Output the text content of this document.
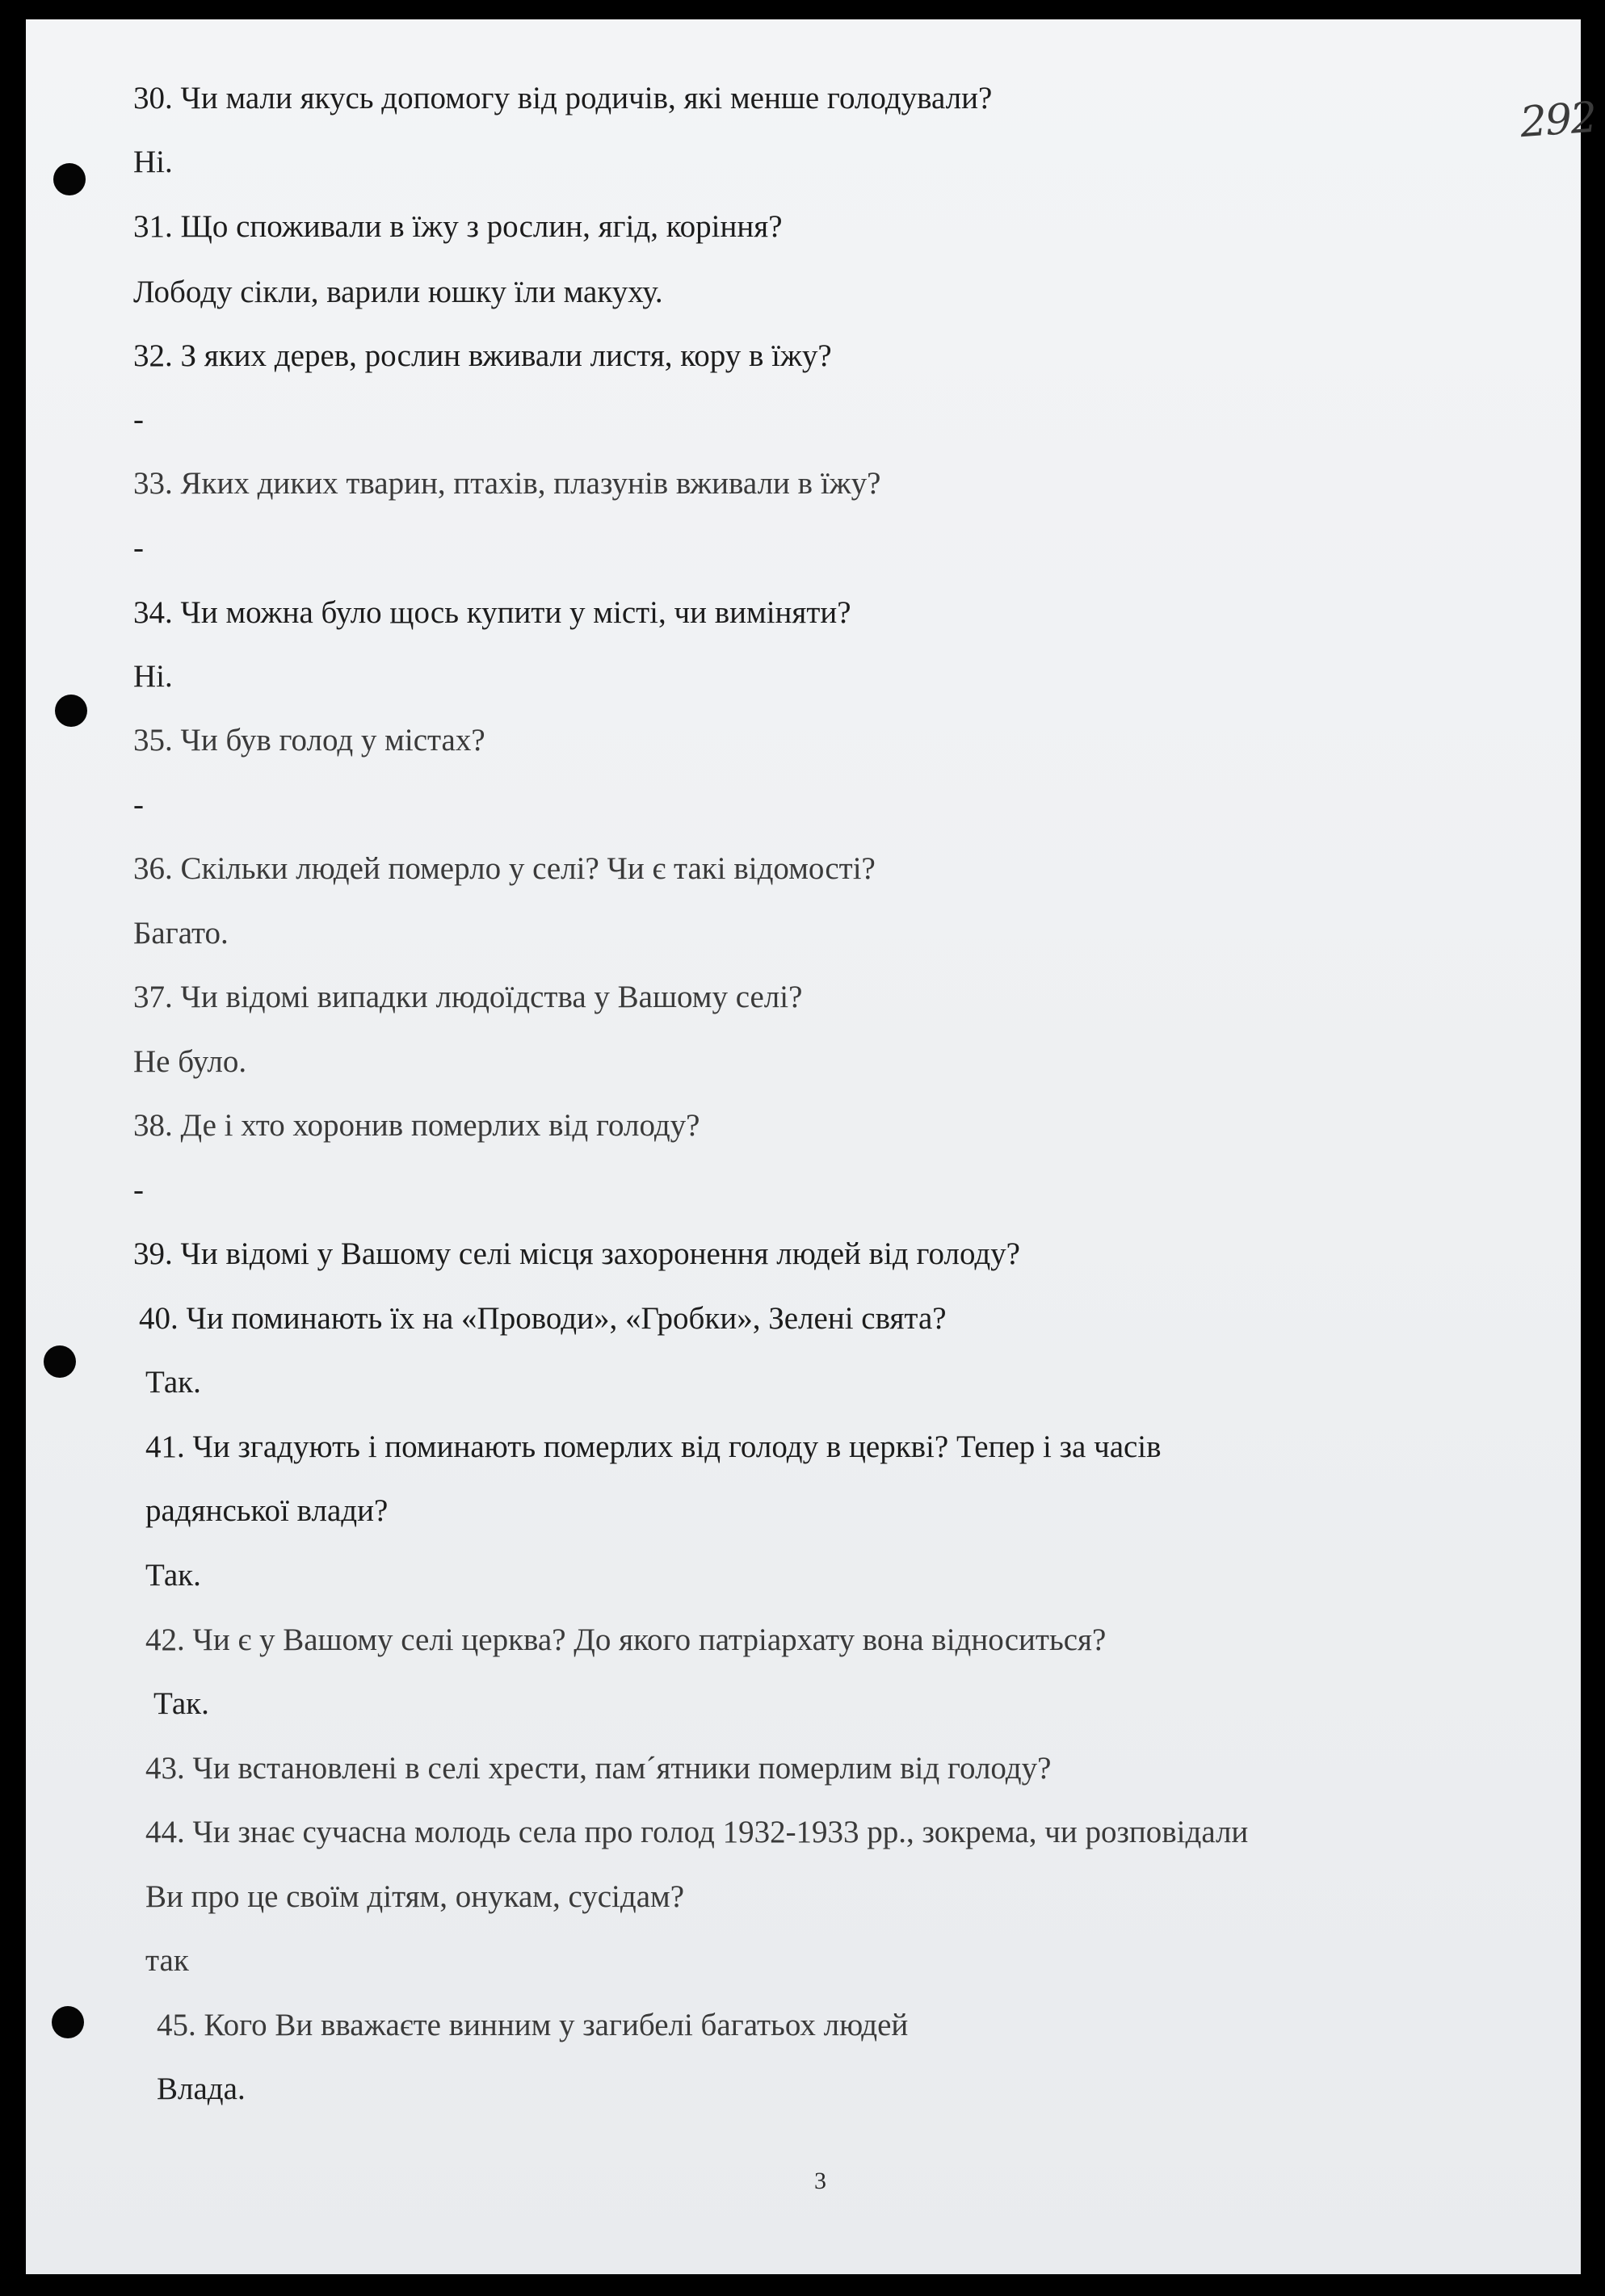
292
30. Чи мали якусь допомогу від родичів, які менше голодували?
Ні.
31. Що споживали в їжу з рослин, ягід, коріння?
Лободу сікли, варили юшку їли макуху.
32. З яких дерев, рослин вживали листя, кору в їжу?
-
33. Яких диких тварин, птахів, плазунів вживали в їжу?
-
34. Чи можна було щось купити у місті, чи виміняти?
Ні.
35. Чи був голод у містах?
-
36. Скільки людей померло у селі? Чи є такі відомості?
Багато.
37. Чи відомі випадки людоїдства у Вашому селі?
Не було.
38. Де і хто хоронив померлих від голоду?
-
39. Чи відомі у Вашому селі місця захоронення людей від голоду?
40. Чи поминають їх на «Проводи», «Гробки», Зелені свята?
Так.
41. Чи згадують і поминають померлих від голоду в церкві? Тепер і за часів
радянської влади?
Так.
42. Чи є у Вашому селі церква? До якого патріархату вона відноситься?
Так.
43. Чи встановлені в селі хрести, пам´ятники померлим від голоду?
44. Чи знає сучасна молодь села про голод 1932-1933 рр., зокрема, чи розповідали
Ви про це своїм дітям, онукам, сусідам?
так
45. Кого Ви вважаєте винним у загибелі багатьох людей
Влада.
3
